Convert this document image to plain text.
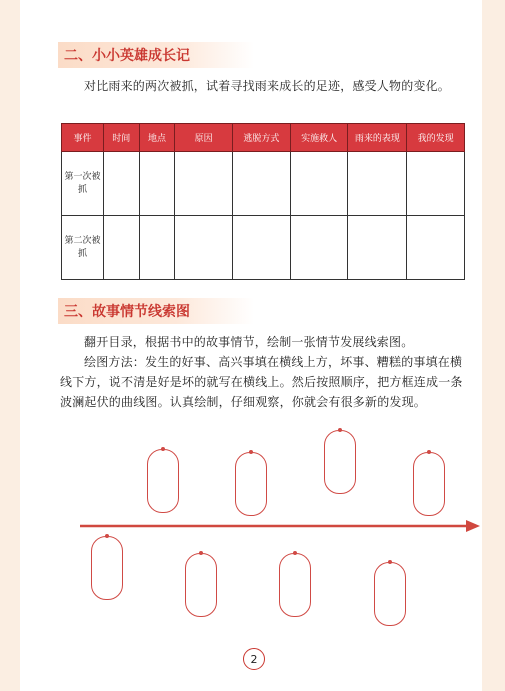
二、小小英雄成长记
对比雨来的两次被抓，试着寻找雨来成长的足迹，感受人物的变化。
事件	时间	地点	原因	逃脱方式	实施救人	雨来的表现	我的发现

第一次被抓							

第二次被抓							

三、故事情节线索图
翻开目录，根据书中的故事情节，绘制一张情节发展线索图。
绘图方法：发生的好事、高兴事填在横线上方，坏事、糟糕的事填在横线下方，说不清是好是坏的就写在横线上。然后按照顺序，把方框连成一条波澜起伏的曲线图。认真绘制，仔细观察，你就会有很多新的发现。
2
